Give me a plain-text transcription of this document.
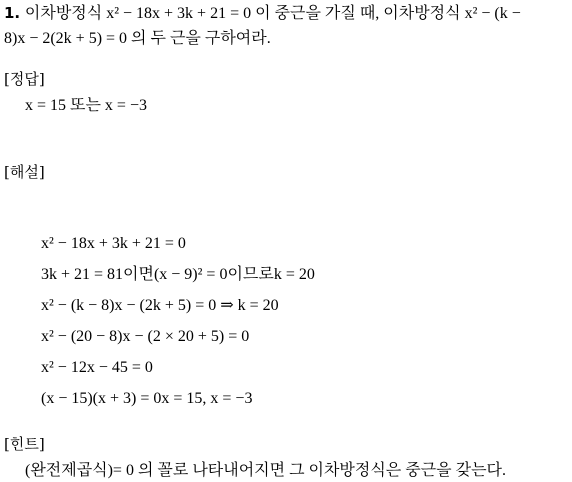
1. 이차방정식 x² − 18x + 3k + 21 = 0 이 중근을 가질 때, 이차방정식 x² − (k −
8)x − 2(2k + 5) = 0 의 두 근을 구하여라.
[정답]
x = 15 또는 x = −3
[해설]
x² − 18x + 3k + 21 = 0
3k + 21 = 81이면(x − 9)² = 0이므로k = 20
x² − (k − 8)x − (2k + 5) = 0 ⇒ k = 20
x² − (20 − 8)x − (2 × 20 + 5) = 0
x² − 12x − 45 = 0
(x − 15)(x + 3) = 0x = 15, x = −3
[힌트]
(완전제곱식)= 0 의 꼴로 나타내어지면 그 이차방정식은 중근을 갖는다.
